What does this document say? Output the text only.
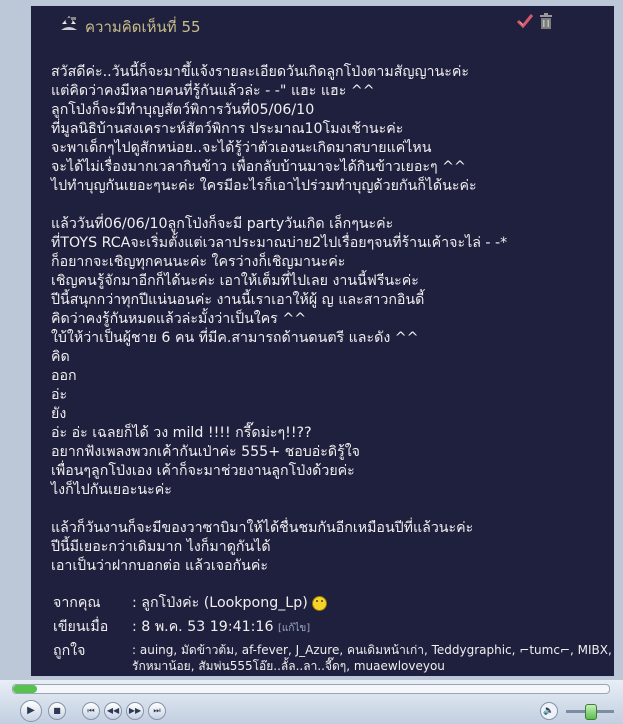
ความคิดเห็นที่ 55
สวัสดีค่ะ..วันนี้ก็จะมาขึ้แจ้งรายละเอียดวันเกิดลูกโป่งตามสัญญานะค่ะ
แต่คิดว่าคงมีหลายคนที่รู้กันแล้วล่ะ - -" แฮะ แฮะ ^^
ลูกโป่งก็จะมีทำบุญสัตว์พิการวันที่05/06/10
ที่มูลนิธิบ้านสงเคราะห์สัตว์พิการ ประมาณ10โมงเช้านะค่ะ
จะพาเด็กๆไปดูสักหน่อย..จะได้รู้ว่าตัวเองนะเกิดมาสบายแค่ไหน
จะได้ไม่เรื่องมากเวลากินข้าว เพื่อกลับบ้านมาจะได้กินข้าวเยอะๆ ^^
ไปทำบุญกันเยอะๆนะค่ะ ใครมีอะไรก็เอาไปร่วมทำบุญด้วยกันก็ได้นะค่ะ
แล้ววันที่06/06/10ลูกโป่งก็จะมี partyวันเกิด เล็กๆนะค่ะ
ที่TOYS RCAจะเริ่มตั้งแต่เวลาประมาณบ่าย2ไปเรื่อยๆจนที่ร้านเค้าจะไล่ - -*
ก็อยากจะเชิญทุกคนนะค่ะ ใครว่างก็เชิญมานะค่ะ
เชิญคนรู้จักมาอีกก็ได้นะค่ะ เอาให้เต็มที่ไปเลย งานนี้ฟรีนะค่ะ
ปีนี้สนุกกว่าทุกปีแน่นอนค่ะ งานนี้เราเอาให้ผู้ ญ และสาวกอินดี้
คิดว่าคงรู้กันหมดแล้วล่ะมั้งว่าเป็นใคร ^^
ใบ้ให้ว่าเป็นผู้ชาย 6 คน ที่มีค.สามารถด้านดนตรี และดัง ^^
คิด
ออก
อ่ะ
ยัง
อ่ะ อ่ะ เฉลยก็ได้ วง mild !!!! กรี๊ดม่ะๆ!!??
อยากฟังเพลงพวกเค้ากันเป่าค่ะ 555+ ชอบอ่ะดิรู้ใจ
เพื่อนๆลูกโป่งเอง เค้าก็จะมาช่วยงานลูกโป่งด้วยค่ะ
ไงก็ไปกันเยอะนะค่ะ
แล้วก็วันงานก็จะมีของวาซาบิมาให้ได้ชื่นชมกันอีกเหมือนปีที่แล้วนะค่ะ
ปีนี้มีเยอะกว่าเดิมมาก ไงก็มาดูกันได้
เอาเป็นว่าฝากบอกต่อ แล้วเจอกันค่ะ
จากคุณ : ลูกโป่งค่ะ (Lookpong_Lp)
เขียนเมื่อ : 8 พ.ค. 53 19:41:16 [แก้ไข]
ถูกใจ	: auing, มัดข้าวต้ม, af-fever, J_Azure, คนเดิมหน้าเก่า, Teddygraphic, ⌐tumc⌐, MIBX, รักหมาน้อย, สัมพ่น555โอ๊ย..ลั้ล..ลา..จี๊ดๆ, muaewloveyou
▶	■	⏮	◀◀	▶▶	⏭	🔈
